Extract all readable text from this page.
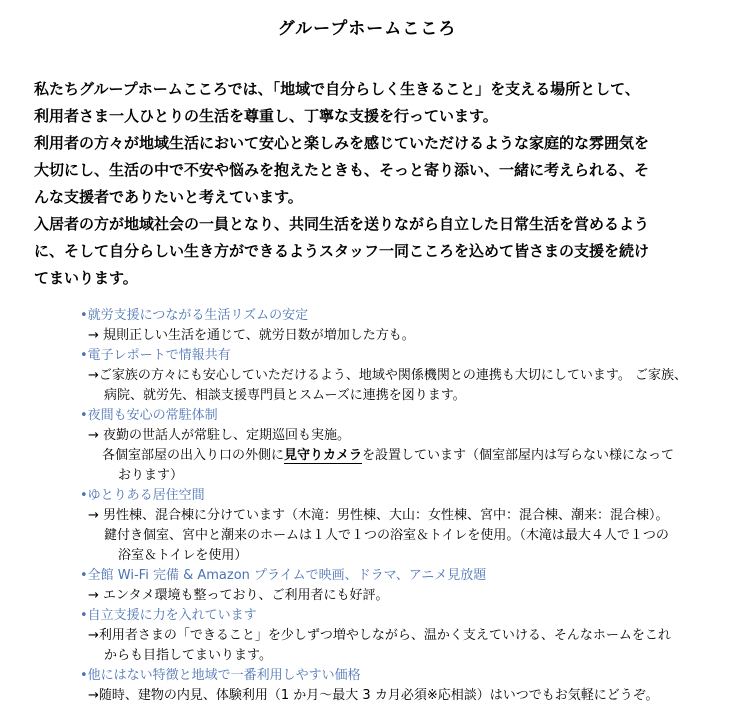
グループホームこころ

私たちグループホームこころでは、「地域で自分らしく生きること」を支える場所として、

利用者さま一人ひとりの生活を尊重し、丁寧な支援を行っています。

利用者の方々が地域生活において安心と楽しみを感じていただけるような家庭的な雰囲気を

大切にし、生活の中で不安や悩みを抱えたときも、そっと寄り添い、一緒に考えられる、そ

んな支援者でありたいと考えています。

入居者の方が地域社会の一員となり、共同生活を送りながら自立した日常生活を営めるよう

に、そして自分らしい生き方ができるようスタッフ一同こころを込めて皆さまの支援を続け

てまいります。

•就労支援につながる生活リズムの安定

→ 規則正しい生活を通じて、就労日数が増加した方も。

•電子レポートで情報共有

→ご家族の方々にも安心していただけるよう、地域や関係機関との連携も大切にしています。 ご家族、

病院、就労先、相談支援専門員とスムーズに連携を図ります。

•夜間も安心の常駐体制

→ 夜勤の世話人が常駐し、定期巡回も実施。

各個室部屋の出入り口の外側に見守りカメラを設置しています（個室部屋内は写らない様になって

おります）

•ゆとりある居住空間

→ 男性棟、混合棟に分けています（木滝：男性棟、大山：女性棟、宮中：混合棟、潮来：混合棟）。

鍵付き個室、宮中と潮来のホームは１人で１つの浴室＆トイレを使用。（木滝は最大４人で１つの

浴室＆トイレを使用）

•全館 Wi-Fi 完備 & Amazon プライムで映画、ドラマ、アニメ見放題

→ エンタメ環境も整っており、ご利用者にも好評。

•自立支援に力を入れています

→利用者さまの「できること」を少しずつ増やしながら、温かく支えていける、そんなホームをこれ

からも目指してまいります。

•他にはない特徴と地域で一番利用しやすい価格

→随時、建物の内見、体験利用（1 か月～最大 3 カ月必須※応相談）はいつでもお気軽にどうぞ。
